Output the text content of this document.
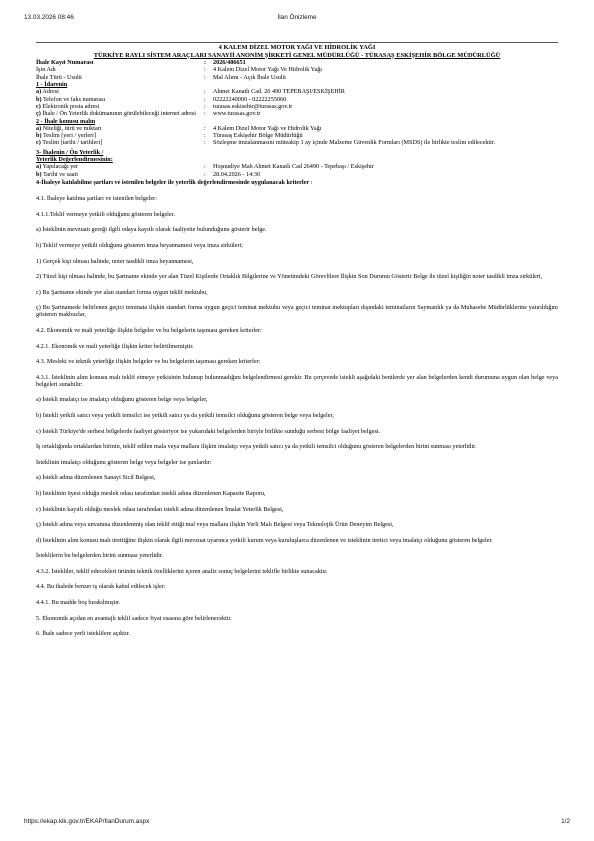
13.03.2026 08:46	İlan Önizleme
4 KALEM DİZEL MOTOR YAĞI VE HİDROLİK YAĞI
TÜRKİYE RAYLI SİSTEM ARAÇLARI SANAYİİ ANONİM ŞİRKETİ GENEL MÜDÜRLÜĞÜ - TÜRASAŞ ESKİŞEHİR BÖLGE MÜDÜRLÜĞÜ
İhale Kayıt Numarası	:	2026/486651
İşin Adı	:	4 Kalem Dizel Motor Yağı Ve Hidrolik Yağı
İhale Türü - Usulü	:	Mal Alımı - Açık İhale Usulü
1 - İdarenin
a) Adresi	:	Ahmet Kanatlı Cad. 26 490 TEPEBAŞI/ESKİŞEHİR
b) Telefon ve faks numarası	:	02222240000 - 02222255060
c) Elektronik posta adresi	:	turasas.eskisehir@turasas.gov.tr
ç) İhale / Ön Yeterlik dokümanının görülebileceği internet adresi	:	www.turasas.gov.tr
2 - İhale konusu malın
a) Niteliği, türü ve miktarı	:	4 Kalem Dizel Motor Yağı ve Hidrolik Yağı
b) Teslim [yeri / yerleri]	:	Türasaş Eskişehir Bölge Müdürlüğü
c) Teslim [tarihi / tarihleri]	:	Sözleşme imzalanmasını müteakip 1 ay içinde Malzeme Güvenlik Formları (MSDS) ile birlikte teslim edilecektir.
3- İhalenin / Ön Yeterlik /
Yeterlik Değerlendirmesinin:
a) Yapılacağı yer	:	Hoşnudiye Mah Ahmet Kanatlı Cad 26490 - Tepebaşı / Eskişehir
b) Tarihi ve saati	:	28.04.2026 - 14:30
4-İhaleye katılabilme şartları ve istenilen belgeler ile yeterlik değerlendirmesinde uygulanacak kriterler :
4.1. İhaleye katılma şartları ve istenilen belgeler:
4.1.1.Teklif vermeye yetkili olduğunu gösteren belgeler.
a) İsteklinin mevzuatı gereği ilgili odaya kayıtlı olarak faaliyette bulunduğunu gösterir belge.
b) Teklif vermeye yetkili olduğunu gösteren imza beyannamesi veya imza sirküleri;
1) Gerçek kişi olması halinde, noter tasdikli imza beyannamesi,
2) Tüzel kişi olması halinde, bu Şartname ekinde yer alan Tüzel Kişilerde Ortaklık Bilgilerine ve Yönetimdeki Görevlilere İlişkin Son Durumu Gösterir Belge ile tüzel kişiliğin noter tasdikli imza sirküleri,
c) Bu Şartname ekinde yer alan standart forma uygun teklif mektubu,
ç) Bu Şartnamede belirlenen geçici teminata ilişkin standart forma uygun geçici teminat mektubu veya geçici teminat mektupları dışındaki teminatların Saymanlık ya da Muhasebe Müdürlüklerine yatırıldığını gösteren makbuzlar,
4.2. Ekonomik ve mali yeterliğe ilişkin belgeler ve bu belgelerin taşıması gereken kriterler:
4.2.1. Ekonomik ve mali yeterliğe ilişkin kriter belirtilmemiştir.
4.3. Mesleki ve teknik yeterliğe ilişkin belgeler ve bu belgelerin taşıması gereken kriterler:
4.3.1. İsteklinin alım konusu malı teklif etmeye yetkisinin bulunup bulunmadığını belgelendirmesi gerekir. Bu çerçevede istekli aşağıdaki bentlerde yer alan belgelerden kendi durumuna uygun olan belge veya belgeleri sunabilir:
a) İstekli imalatçı ise imalatçı olduğunu gösteren belge veya belgeler,
b) İstekli yetkili satıcı veya yetkili temsilci ise yetkili satıcı ya da yetkili temsilci olduğunu gösteren belge veya belgeler,
c) İstekli Türkiye'de serbest bölgelerde faaliyet gösteriyor ise yukarıdaki belgelerden biriyle birlikte sunduğu serbest bölge faaliyet belgesi.
İş ortaklığında ortaklardan birinin, teklif edilen mala veya mallara ilişkin imalatçı veya yetkili satıcı ya da yetkili temsilci olduğunu gösteren belgelerden birini sunması yeterlidir.
İsteklinin imalatçı olduğunu gösteren belge veya belgeler ise şunlardır:
a) İstekli adına düzenlenen Sanayi Sicil Belgesi,
b) İsteklinin üyesi olduğu meslek odası tarafından istekli adına düzenlenen Kapasite Raporu,
c) İsteklinin kayıtlı olduğu meslek odası tarafından istekli adına düzenlenen İmalat Yeterlik Belgesi,
ç) İstekli adına veya unvanına düzenlenmiş olan teklif ettiği mal veya mallara ilişkin Yerli Malı Belgesi veya Teknolojik Ürün Deneyim Belgesi,
d) İsteklinin alım konusu malı ürettiğine ilişkin olarak ilgili mevzuat uyarınca yetkili kurum veya kuruluşlarca düzenlenen ve isteklinin üretici veya imalatçı olduğunu gösteren belgeler.
İsteklilerin bu belgelerden birini sunması yeterlidir.
4.3.2. İstekliler, teklif edecekleri ürünün teknik özelliklerini içeren analiz sonuç belgelerini teklifle birlikte sunacaktır.
4.4. Bu ihalede benzer iş olarak kabul edilecek işler:
4.4.1. Bu madde boş bırakılmıştır.
5. Ekonomik açıdan en avantajlı teklif sadece fiyat esasına göre belirlenecektir.
6. İhale sadece yerli isteklilere açıktır.
https://ekap.kik.gov.tr/EKAP/IlanDurum.aspx	1/2
